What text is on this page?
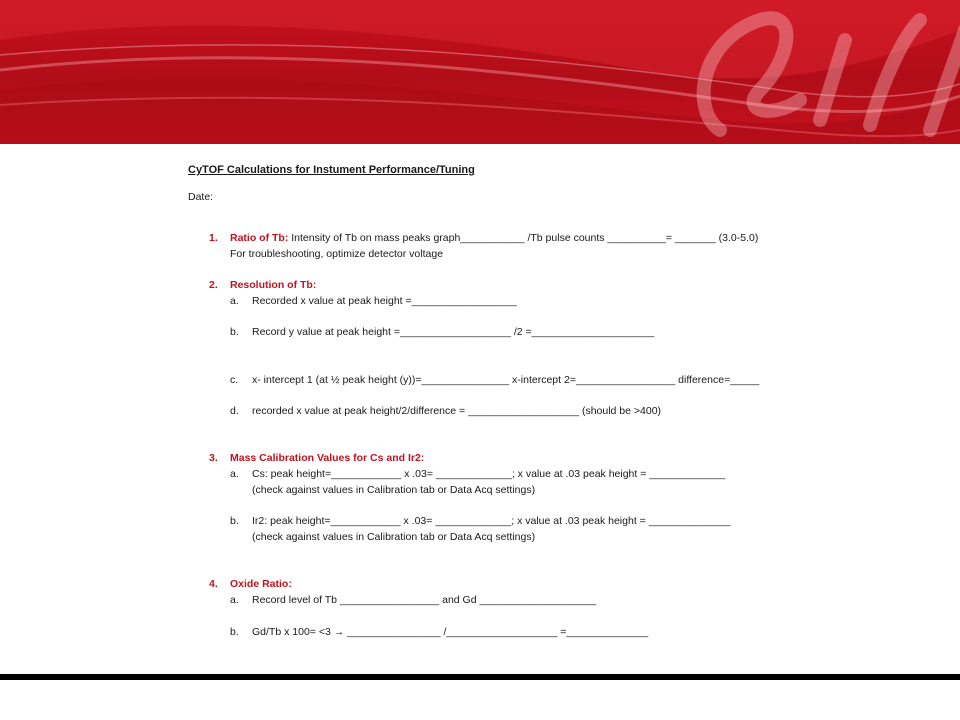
CyTOF Calculations for Instument Performance/Tuning
Date:
1.	Ratio of Tb: Intensity of Tb on mass peaks graph___________ /Tb pulse counts __________= _______ (3.0-5.0)
For troubleshooting, optimize detector voltage
2.	Resolution of Tb:
a.	Recorded x value at peak height =__________________
b.	Record y value at peak height =___________________ /2 =_____________________
c.	x- intercept 1 (at ½ peak height (y))=_______________ x-intercept 2=_________________ difference=_____
d.	recorded x value at peak height/2/difference = ___________________ (should be >400)
3.	Mass Calibration Values for Cs and Ir2:
a.	Cs: peak height=____________ x .03= _____________; x value at .03 peak height = _____________
(check against values in Calibration tab or Data Acq settings)
b.	Ir2: peak height=____________ x .03= _____________; x value at .03 peak height = ______________
(check against values in Calibration tab or Data Acq settings)
4.	Oxide Ratio:
a.	Record level of Tb _________________ and Gd ____________________
b.	Gd/Tb x 100= <3 → ________________ /___________________ =______________
